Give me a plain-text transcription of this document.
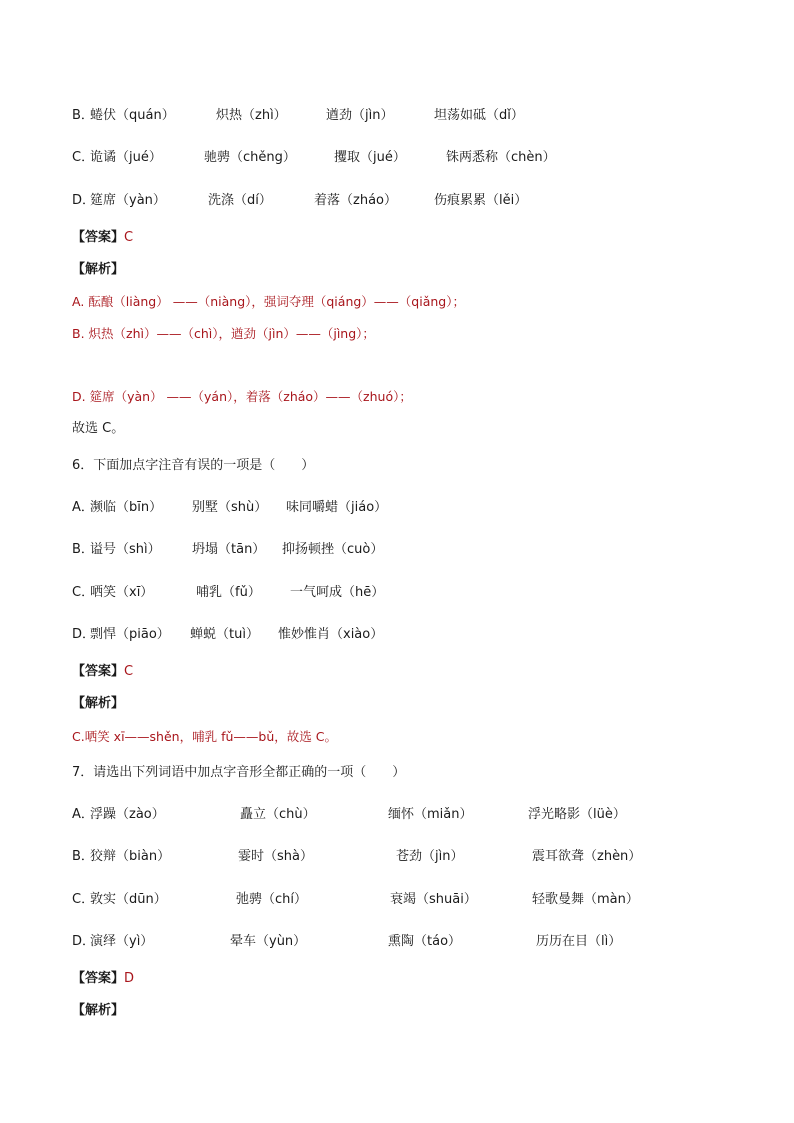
B．
蜷伏（quán）	炽热（zhì）	遒劲（jìn）	坦荡如砥（dǐ）
C．
诡谲（jué）	驰骋（chěng）	攫取（jué）	铢两悉称（chèn）
D．
筵席（yàn）	洗涤（dí）	着落（zháo）	伤痕累累（lěi）
【答案】C
【解析】
A. 酝酿（liàng） ——（niàng），强词夺理（qiáng）——（qiǎng）；
B. 炽热（zhì）——（chì），遒劲（jìn）——（jìng）；
D. 筵席（yàn） ——（yán），着落（zháo）——（zhuó）；
故选 C。
6．下面加点字注音有误的一项是（　　）
A．
濒临（bīn） 别墅（shù） 味同嚼蜡（jiáo）
B．
谥号（shì） 坍塌（tān） 抑扬顿挫（cuò）
C．
哂笑（xī）	哺乳（fǔ） 一气呵成（hē）
D．
剽悍（piāo） 蝉蜕（tuì） 惟妙惟肖（xiào）
【答案】C
【解析】
C.哂笑 xī——shěn，哺乳 fǔ——bǔ，故选 C。
7．请选出下列词语中加点字音形全都正确的一项（　　）
A．
浮躁（zào）	矗立（chù）	缅怀（miǎn）	浮光略影（lüè）
B．
狡辩（biàn）	霎时（shà）	苍劲（jìn）	震耳欲聋（zhèn）
C．
敦实（dūn）	弛骋（chí）	衰竭（shuāi）	轻歌曼舞（màn）
D．
演绎（yì）	晕车（yùn）	熏陶（táo）	历历在目（lì）
【答案】D
【解析】
